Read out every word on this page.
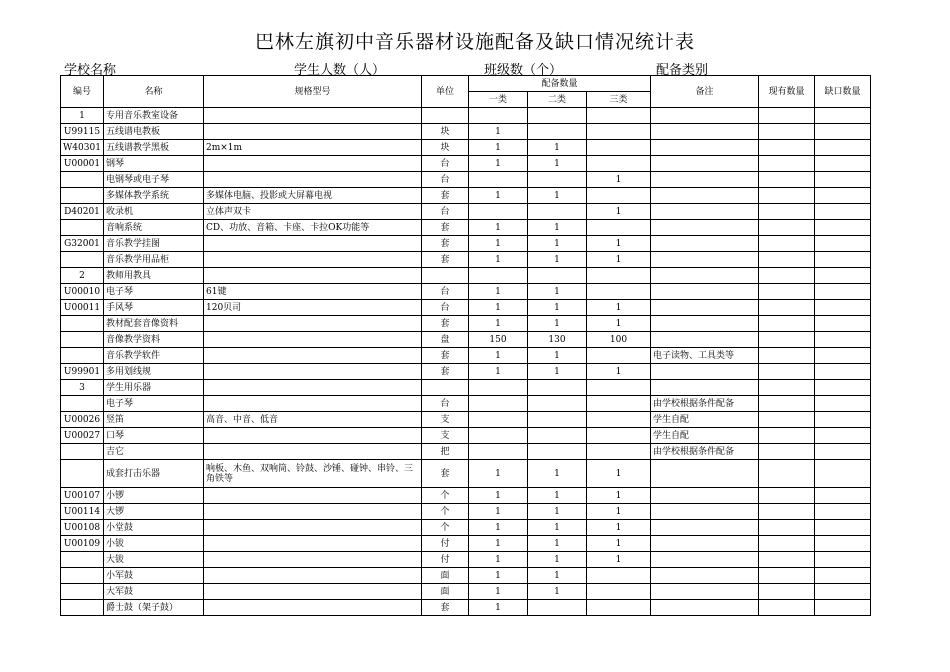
巴林左旗初中音乐器材设施配备及缺口情况统计表
学校名称	学生人数（人）	班级数（个）	配备类别
编号	名称	规格型号	单位	配备数量			备注	现有数量	缺口数量
				一类	二类	三类			
1	专用音乐教室设备								
U99115	五线谱电教板		块	1					
W40301	五线谱教学黑板	2m×1m	块	1	1				
U00001	钢琴		台	1	1				
	电钢琴或电子琴		台			1			
	多媒体教学系统	多媒体电脑、投影或大屏幕电视	套	1	1				
D40201	收录机	立体声双卡	台			1			
	音响系统	CD、功放、音箱、卡座、卡拉OK功能等	套	1	1				
G32001	音乐教学挂图		套	1	1	1			
	音乐教学用品柜		套	1	1	1			
2	教师用教具								
U00010	电子琴	61键	台	1	1				
U00011	手风琴	120贝司	台	1	1	1			
	教材配套音像资料		套	1	1	1			
	音像教学资料		盘	150	130	100			
	音乐教学软件		套	1	1		电子读物、工具类等		
U99901	多用划线规		套	1	1	1			
3	学生用乐器								
	电子琴		台				由学校根据条件配备		
U00026	竖笛	高音、中音、低音	支				学生自配		
U00027	口琴		支				学生自配		
	吉它		把				由学校根据条件配备		
	成套打击乐器	响板、木鱼、双响筒、铃鼓、沙锤、碰钟、串铃、三角铁等	套	1	1	1			
U00107	小锣		个	1	1	1			
U00114	大锣		个	1	1	1			
U00108	小堂鼓		个	1	1	1			
U00109	小钹		付	1	1	1			
	大钹		付	1	1	1			
	小军鼓		面	1	1				
	大军鼓		面	1	1				
	爵士鼓（架子鼓）		套	1					
